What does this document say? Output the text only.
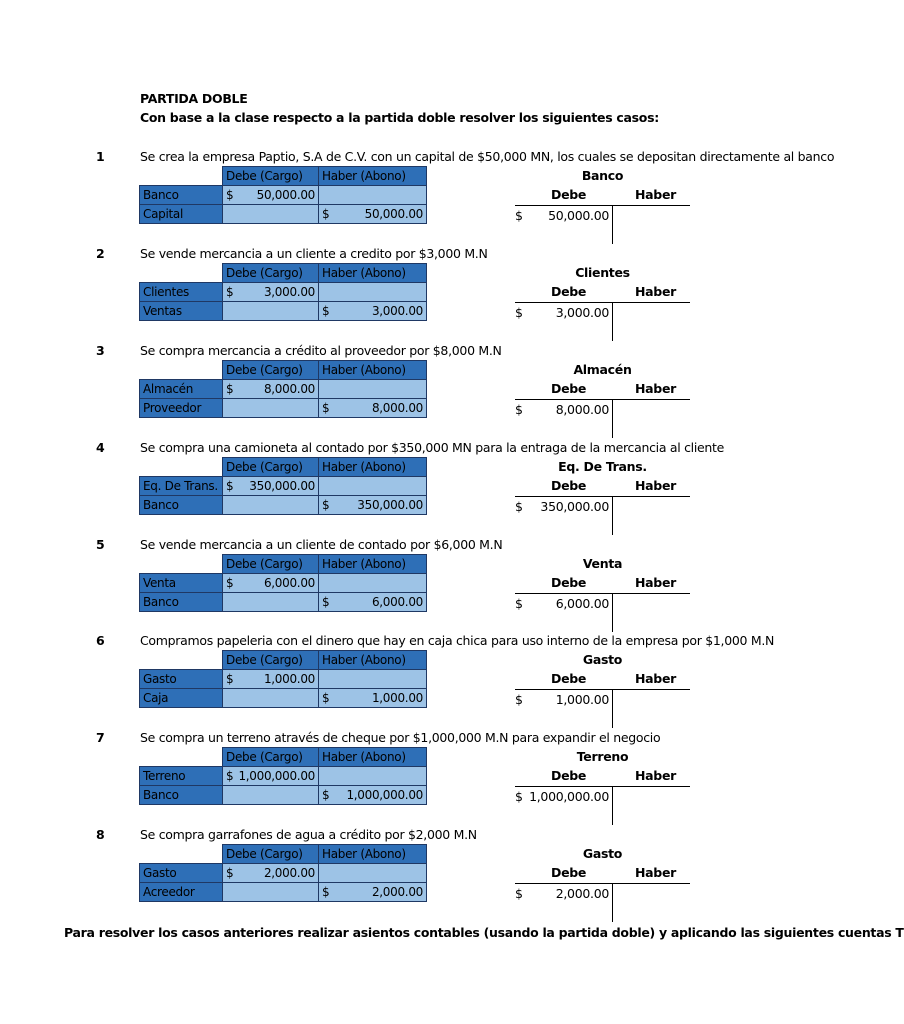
PARTIDA DOBLE
Con base a la clase respecto a la partida doble resolver los siguientes casos:
1	Se crea la empresa Paptio, S.A de C.V. con un capital de $50,000 MN, los cuales se depositan directamente al banco
	Debe (Cargo)	Haber (Abono)
Banco	$ 50,000.00	

Capital		$ 50,000.00
Banco
Debe	Haber
$ 50,000.00
2	Se vende mercancia a un cliente a credito por $3,000 M.N
	Debe (Cargo)	Haber (Abono)
Clientes	$ 3,000.00	

Ventas		$ 3,000.00
Clientes
Debe	Haber
$	3,000.00
3	Se compra mercancia a crédito al proveedor por $8,000 M.N
	Debe (Cargo)	Haber (Abono)
Almacén	$ 8,000.00	

Proveedor		$ 8,000.00
Almacén
Debe	Haber
$	8,000.00
4	Se compra una camioneta al contado por $350,000 MN para la entraga de la mercancia al cliente
	Debe (Cargo)	Haber (Abono)
Eq. De Trans.	$ 350,000.00	

Banco		$ 350,000.00
Eq. De Trans.
Debe	Haber
$ 350,000.00
5	Se vende mercancia a un cliente de contado por $6,000 M.N
	Debe (Cargo)	Haber (Abono)
Venta	$ 6,000.00	

Banco		$ 6,000.00
Venta
Debe	Haber
$	6,000.00
6	Compramos papeleria con el dinero que hay en caja chica para uso interno de la empresa por $1,000 M.N
	Debe (Cargo)	Haber (Abono)
Gasto	$ 1,000.00	

Caja		$ 1,000.00
Gasto
Debe	Haber
$	1,000.00
7	Se compra un terreno através de cheque por $1,000,000 M.N para expandir el negocio
	Debe (Cargo)	Haber (Abono)
Terreno	$ 1,000,000.00	

Banco		$ 1,000,000.00
Terreno
Debe	Haber
$ 1,000,000.00
8	Se compra garrafones de agua a crédito por $2,000 M.N
	Debe (Cargo)	Haber (Abono)
Gasto	$ 2,000.00	

Acreedor		$ 2,000.00
Gasto
Debe	Haber
$	2,000.00
Para resolver los casos anteriores realizar asientos contables (usando la partida doble) y aplicando las siguientes cuentas T
